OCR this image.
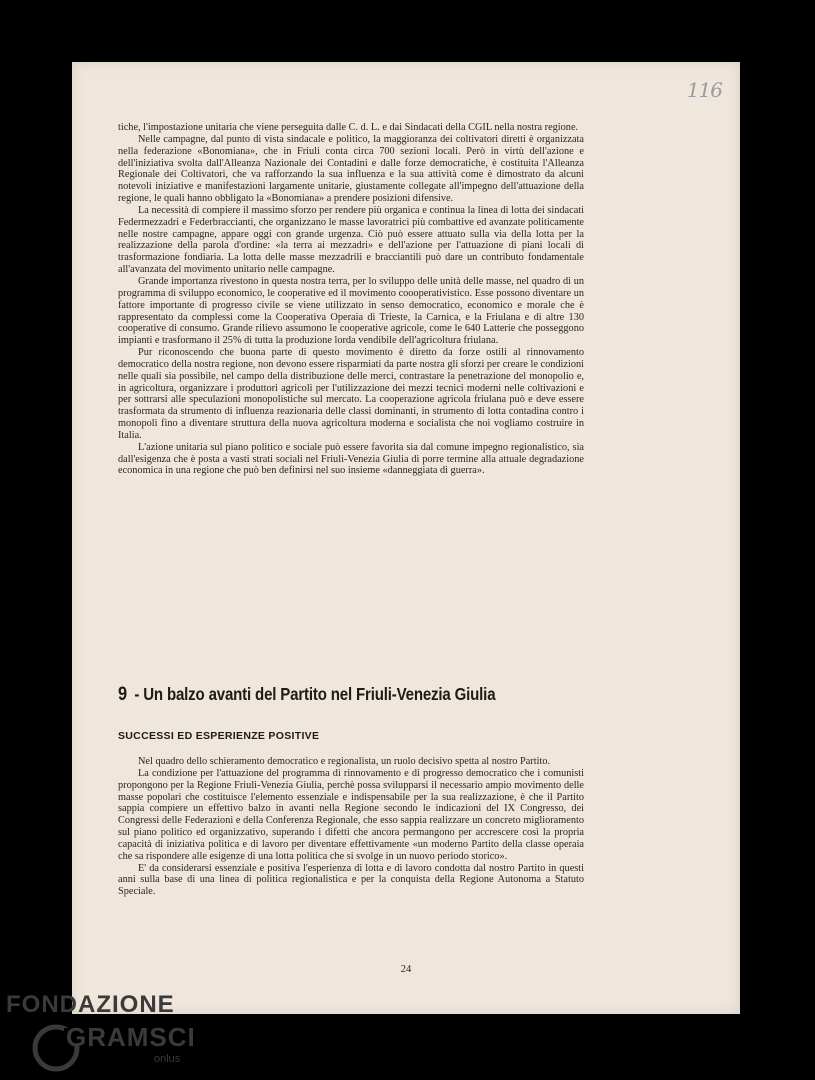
116

tiche, l'impostazione unitaria che viene perseguita dalle C. d. L. e dai Sindacati della CGIL nella nostra regione.

Nelle campagne, dal punto di vista sindacale e politico, la maggioranza dei coltivatori diretti è organizzata nella federazione «Bonomiana», che in Friuli conta circa 700 sezioni locali. Però in virtù dell'azione e dell'iniziativa svolta dall'Alleanza Nazionale dei Contadini e dalle forze democratiche, è costituita l'Alleanza Regionale dei Coltivatori, che va rafforzando la sua influenza e la sua attività come è dimostrato da alcuni notevoli iniziative e manifestazioni largamente unitarie, giustamente collegate all'impegno dell'attuazione della regione, le quali hanno obbligato la «Bonomiana» a prendere posizioni difensive.

La necessità di compiere il massimo sforzo per rendere più organica e continua la linea di lotta dei sindacati Federmezzadri e Federbraccianti, che organizzano le masse lavoratrici più combattive ed avanzate politicamente nelle nostre campagne, appare oggi con grande urgenza. Ciò può essere attuato sulla via della lotta per la realizzazione della parola d'ordine: «la terra ai mezzadri» e dell'azione per l'attuazione di piani locali di trasformazione fondiaria. La lotta delle masse mezzadrili e bracciantili può dare un contributo fondamentale all'avanzata del movimento unitario nelle campagne.

Grande importanza rivestono in questa nostra terra, per lo sviluppo delle unità delle masse, nel quadro di un programma di sviluppo economico, le cooperative ed il movimento coooperativistico. Esse possono diventare un fattore importante di progresso civile se viene utilizzato in senso democratico, economico e morale che è rappresentato da complessi come la Cooperativa Operaia di Trieste, la Carnica, e la Friulana e di altre 130 cooperative di consumo. Grande rilievo assumono le cooperative agricole, come le 640 Latterie che posseggono impianti e trasformano il 25% di tutta la produzione lorda vendibile dell'agricoltura friulana.

Pur riconoscendo che buona parte di questo movimento è diretto da forze ostili al rinnovamento democratico della nostra regione, non devono essere risparmiati da parte nostra gli sforzi per creare le condizioni nelle quali sia possibile, nel campo della distribuzione delle merci, contrastare la penetrazione del monopolio e, in agricoltura, organizzare i produttori agricoli per l'utilizzazione dei mezzi tecnici moderni nelle coltivazioni e per sottrarsi alle speculazioni monopolistiche sul mercato. La cooperazione agricola friulana può e deve essere trasformata da strumento di influenza reazionaria delle classi dominanti, in strumento di lotta contadina contro i monopoli fino a diventare struttura della nuova agricoltura moderna e socialista che noi vogliamo costruire in Italia.

L'azione unitaria sul piano politico e sociale può essere favorita sia dal comune impegno regionalistico, sia dall'esigenza che è posta a vasti strati sociali nel Friuli-Venezia Giulia di porre termine alla attuale degradazione economica in una regione che può ben definirsi nel suo insieme «danneggiata di guerra».

9 - Un balzo avanti del Partito nel Friuli-Venezia Giulia
SUCCESSI ED ESPERIENZE POSITIVE

Nel quadro dello schieramento democratico e regionalista, un ruolo decisivo spetta al nostro Partito.

La condizione per l'attuazione del programma di rinnovamento e di progresso democratico che i comunisti propongono per la Regione Friuli-Venezia Giulia, perchè possa svilupparsi il necessario ampio movimento delle masse popolari che costituisce l'elemento essenziale e indispensabile per la sua realizzazione, è che il Partito sappia compiere un effettivo balzo in avanti nella Regione secondo le indicazioni del IX Congresso, dei Congressi delle Federazioni e della Conferenza Regionale, che esso sappia realizzare un concreto miglioramento sul piano politico ed organizzativo, superando i difetti che ancora permangono per accrescere così la propria capacità di iniziativa politica e di lavoro per diventare effettivamente «un moderno Partito della classe operaia che sa rispondere alle esigenze di una lotta politica che si svolge in un nuovo periodo storico».

E' da considerarsi essenziale e positiva l'esperienza di lotta e di lavoro condotta dal nostro Partito in questi anni sulla base di una linea di politica regionalistica e per la conquista della Regione Autonoma a Statuto Speciale.

24
FONDAZIONE
GRAMSCI
onlus
